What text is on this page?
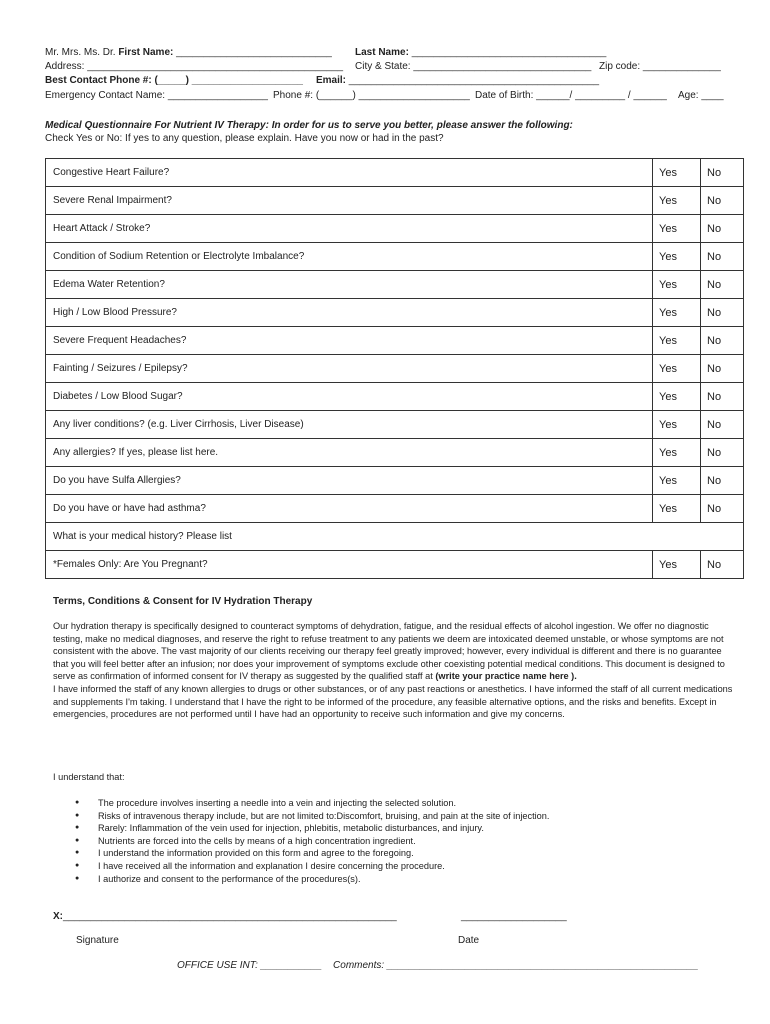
Mr. Mrs. Ms. Dr. First Name: ____________________________ Last Name: ___________________________________
Address: ______________________________________________ City & State: ________________________________ Zip code: ______________
Best Contact Phone #: (_____) ____________________ Email: _____________________________________________
Emergency Contact Name: __________________ Phone #: (______) ____________________ Date of Birth: ______/ _________ / ______ Age: ____
Medical Questionnaire For Nutrient IV Therapy: In order for us to serve you better, please answer the following:
Check Yes or No: If yes to any question, please explain. Have you now or had in the past?
Congestive Heart Failure?	Yes	No
Severe Renal Impairment?	Yes	No
Heart Attack / Stroke?	Yes	No
Condition of Sodium Retention or Electrolyte Imbalance?	Yes	No
Edema Water Retention?	Yes	No
High / Low Blood Pressure?	Yes	No
Severe Frequent Headaches?	Yes	No
Fainting / Seizures / Epilepsy?	Yes	No
Diabetes / Low Blood Sugar?	Yes	No
Any liver conditions? (e.g. Liver Cirrhosis, Liver Disease)	Yes	No
Any allergies? If yes, please list here.	Yes	No
Do you have Sulfa Allergies?	Yes	No
Do you have or have had asthma?	Yes	No
What is your medical history? Please list		
*Females Only: Are You Pregnant?	Yes	No
Terms, Conditions & Consent for IV Hydration Therapy

Our hydration therapy is specifically designed to counteract symptoms of dehydration, fatigue, and the residual effects of alcohol ingestion. We offer no diagnostic testing, make no medical diagnoses, and reserve the right to refuse treatment to any patients we deem are intoxicated deemed unstable, or whose symptoms are not consistent with the above. The vast majority of our clients receiving our therapy feel greatly improved; however, every individual is different and there is no guarantee that you will feel better after an infusion; nor does your improvement of symptoms exclude other coexisting potential medical conditions. This document is designed to serve as confirmation of informed consent for IV therapy as suggested by the qualified staff at (write your practice name here ).

I have informed the staff of any known allergies to drugs or other substances, or of any past reactions or anesthetics. I have informed the staff of all current medications and supplements I'm taking. I understand that I have the right to be informed of the procedure, any feasible alternative options, and the risks and benefits. Except in emergencies, procedures are not performed until I have had an opportunity to receive such information and give my concerns.

I understand that:
● The procedure involves inserting a needle into a vein and injecting the selected solution.
● Risks of intravenous therapy include, but are not limited to:Discomfort, bruising, and pain at the site of injection.
● Rarely: Inflammation of the vein used for injection, phlebitis, metabolic disturbances, and injury.
● Nutrients are forced into the cells by means of a high concentration ingredient.
● I understand the information provided on this form and agree to the foregoing.
● I have received all the information and explanation I desire concerning the procedure.
● I authorize and consent to the performance of the procedures(s).
X:____________________________________________________________	___________________
Signature	Date
OFFICE USE INT: ___________ Comments: ________________________________________________________
